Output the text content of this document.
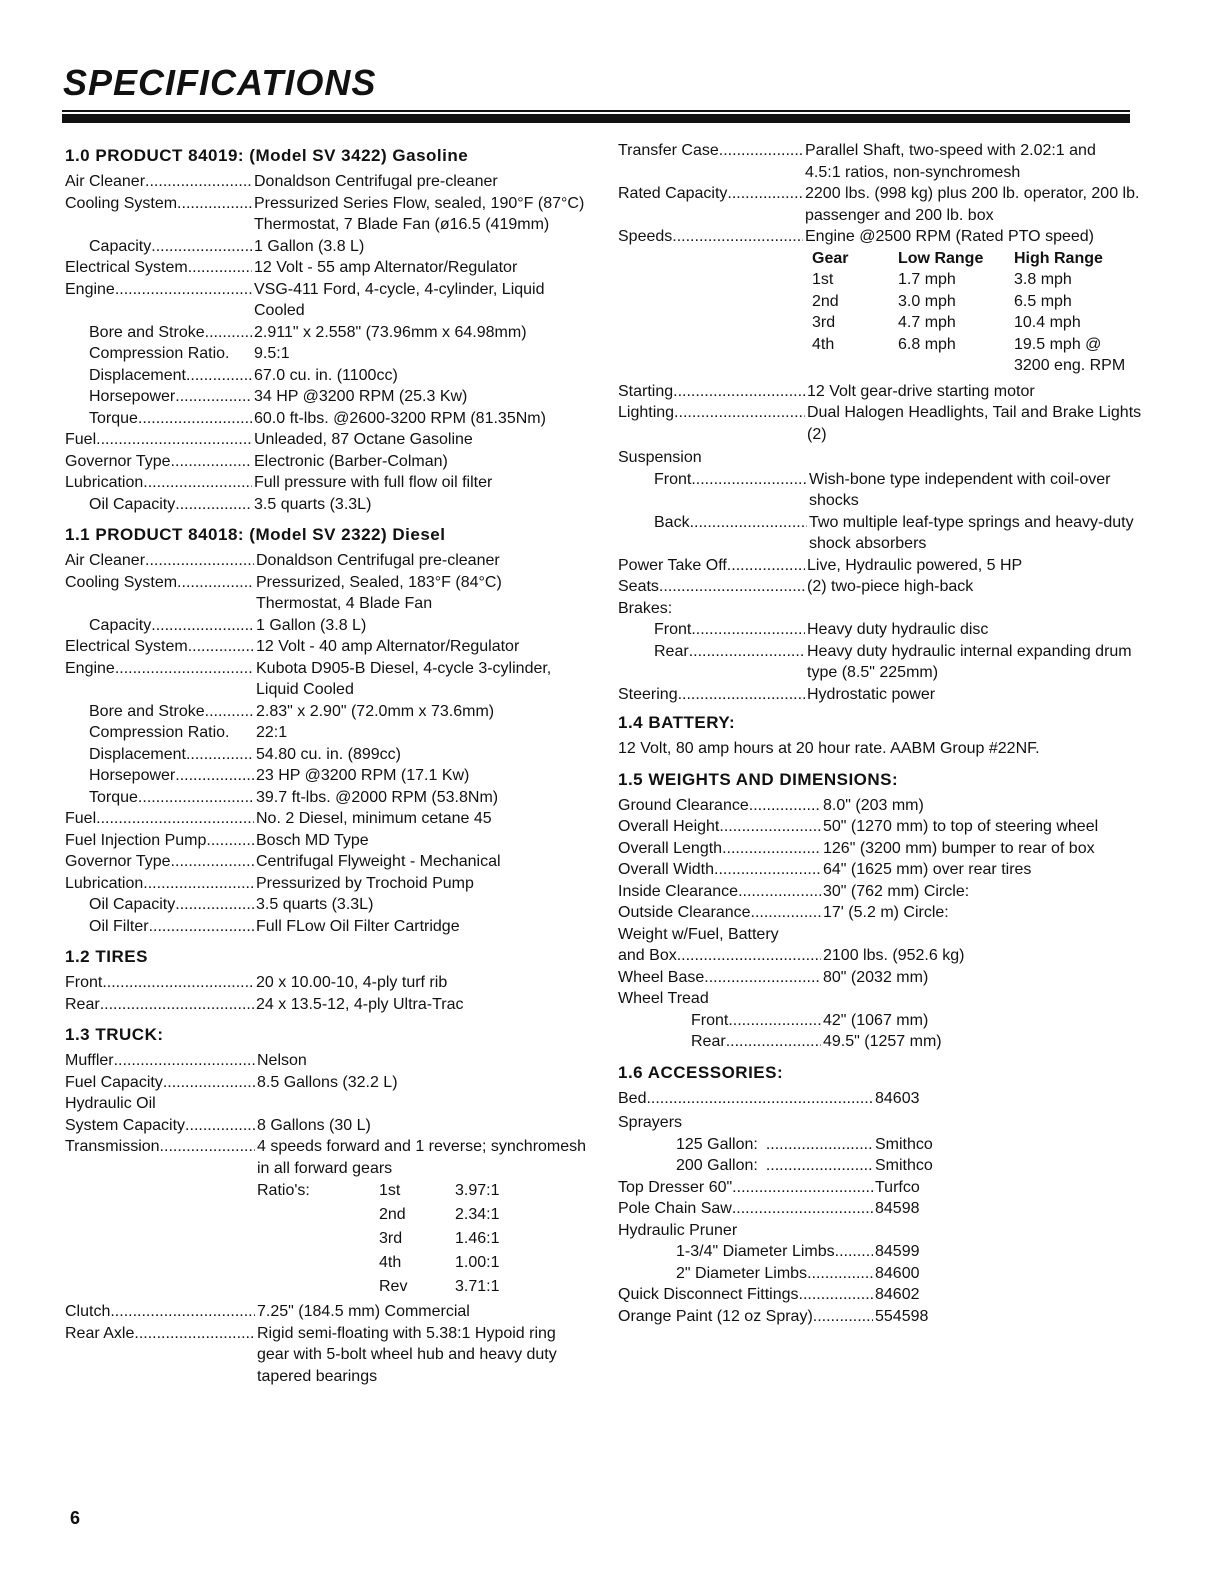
SPECIFICATIONS
1.0 PRODUCT 84019: (Model SV 3422) Gasoline
Air Cleaner .....	Donaldson Centrifugal pre-cleaner
Cooling System .....	Pressurized Series Flow, sealed, 190°F (87°C) Thermostat, 7 Blade Fan (ø16.5 (419mm)
Capacity .....	1 Gallon (3.8 L)
Electrical System .....	12 Volt - 55 amp Alternator/Regulator
Engine .....	VSG-411 Ford, 4-cycle, 4-cylinder, Liquid Cooled
Bore and Stroke .....	2.911" x 2.558" (73.96mm x 64.98mm)
Compression Ratio. 9.5:1
Displacement .....	67.0 cu. in. (1100cc)
Horsepower .....	34 HP @3200 RPM (25.3 Kw)
Torque .....	60.0 ft-lbs. @2600-3200 RPM (81.35Nm)
Fuel .....	Unleaded, 87 Octane Gasoline
Governor Type .....	Electronic (Barber-Colman)
Lubrication .....	Full pressure with full flow oil filter
Oil Capacity .....	3.5 quarts (3.3L)
1.1 PRODUCT 84018: (Model SV 2322) Diesel
Air Cleaner .....	Donaldson Centrifugal pre-cleaner
Cooling System .....	Pressurized, Sealed, 183°F (84°C) Thermostat, 4 Blade Fan
Capacity .....	1 Gallon (3.8 L)
Electrical System .....	12 Volt - 40 amp Alternator/Regulator
Engine .....	Kubota D905-B Diesel, 4-cycle 3-cylinder, Liquid Cooled
Bore and Stroke .....	2.83" x 2.90" (72.0mm x 73.6mm)
Compression Ratio. 22:1
Displacement .....	54.80 cu. in. (899cc)
Horsepower .....	23 HP @3200 RPM (17.1 Kw)
Torque .....	39.7 ft-lbs. @2000 RPM (53.8Nm)
Fuel .....	No. 2 Diesel, minimum cetane 45
Fuel Injection Pump .....	Bosch MD Type
Governor Type .....	Centrifugal Flyweight - Mechanical
Lubrication .....	Pressurized by Trochoid Pump
Oil Capacity .....	3.5 quarts (3.3L)
Oil Filter .....	Full FLow Oil Filter Cartridge
1.2 TIRES
Front .....	20 x 10.00-10, 4-ply turf rib
Rear .....	24 x 13.5-12, 4-ply Ultra-Trac
1.3 TRUCK:
Muffler .....	Nelson
Fuel Capacity .....	8.5 Gallons (32.2 L)
Hydraulic Oil
System Capacity .....	8 Gallons (30 L)
Transmission .....	4 speeds forward and 1 reverse; synchromesh in all forward gears
Ratio's:	1st	3.97:1
2nd	2.34:1
3rd	1.46:1
4th	1.00:1
Rev	3.71:1
Clutch .....	7.25" (184.5 mm) Commercial
Rear Axle .....	Rigid semi-floating with 5.38:1 Hypoid ring gear with 5-bolt wheel hub and heavy duty tapered bearings
Transfer Case .....	Parallel Shaft, two-speed with 2.02:1 and 4.5:1 ratios, non-synchromesh
Rated Capacity .....	2200 lbs. (998 kg) plus 200 lb. operator, 200 lb. passenger and 200 lb. box
Speeds .....	Engine @2500 RPM (Rated PTO speed)
Gear	Low Range	High Range
1st	1.7 mph	3.8 mph
2nd	3.0 mph	6.5 mph
3rd	4.7 mph	10.4 mph
4th	6.8 mph	19.5 mph @ 3200 eng. RPM
Starting .....	12 Volt gear-drive starting motor
Lighting .....	Dual Halogen Headlights, Tail and Brake Lights (2)
Suspension
Front .....	Wish-bone type independent with coil-over shocks
Back .....	Two multiple leaf-type springs and heavy-duty shock absorbers
Power Take Off .....	Live, Hydraulic powered, 5 HP
Seats .....	(2) two-piece high-back
Brakes:
Front .....	Heavy duty hydraulic disc
Rear .....	Heavy duty hydraulic internal expanding drum type (8.5" 225mm)
Steering .....	Hydrostatic power
1.4 BATTERY:
12 Volt, 80 amp hours at 20 hour rate. AABM Group #22NF.
1.5 WEIGHTS AND DIMENSIONS:
Ground Clearance .....	8.0" (203 mm)
Overall Height .....	50" (1270 mm) to top of steering wheel
Overall Length .....	126" (3200 mm) bumper to rear of box
Overall Width .....	64" (1625 mm) over rear tires
Inside Clearance .....	30" (762 mm) Circle:
Outside Clearance .....	17' (5.2 m) Circle:
Weight w/Fuel, Battery
and Box .....	2100 lbs. (952.6 kg)
Wheel Base .....	80" (2032 mm)
Wheel Tread
Front .....	42" (1067 mm)
Rear .....	49.5" (1257 mm)
1.6 ACCESSORIES:
Bed .....	84603
Sprayers
125 Gallon: .....	Smithco
200 Gallon: .....	Smithco
Top Dresser 60" .....	Turfco
Pole Chain Saw .....	84598
Hydraulic Pruner
1-3/4" Diameter Limbs .....	84599
2" Diameter Limbs .....	84600
Quick Disconnect Fittings .....	84602
Orange Paint (12 oz Spray) .....	554598
6
